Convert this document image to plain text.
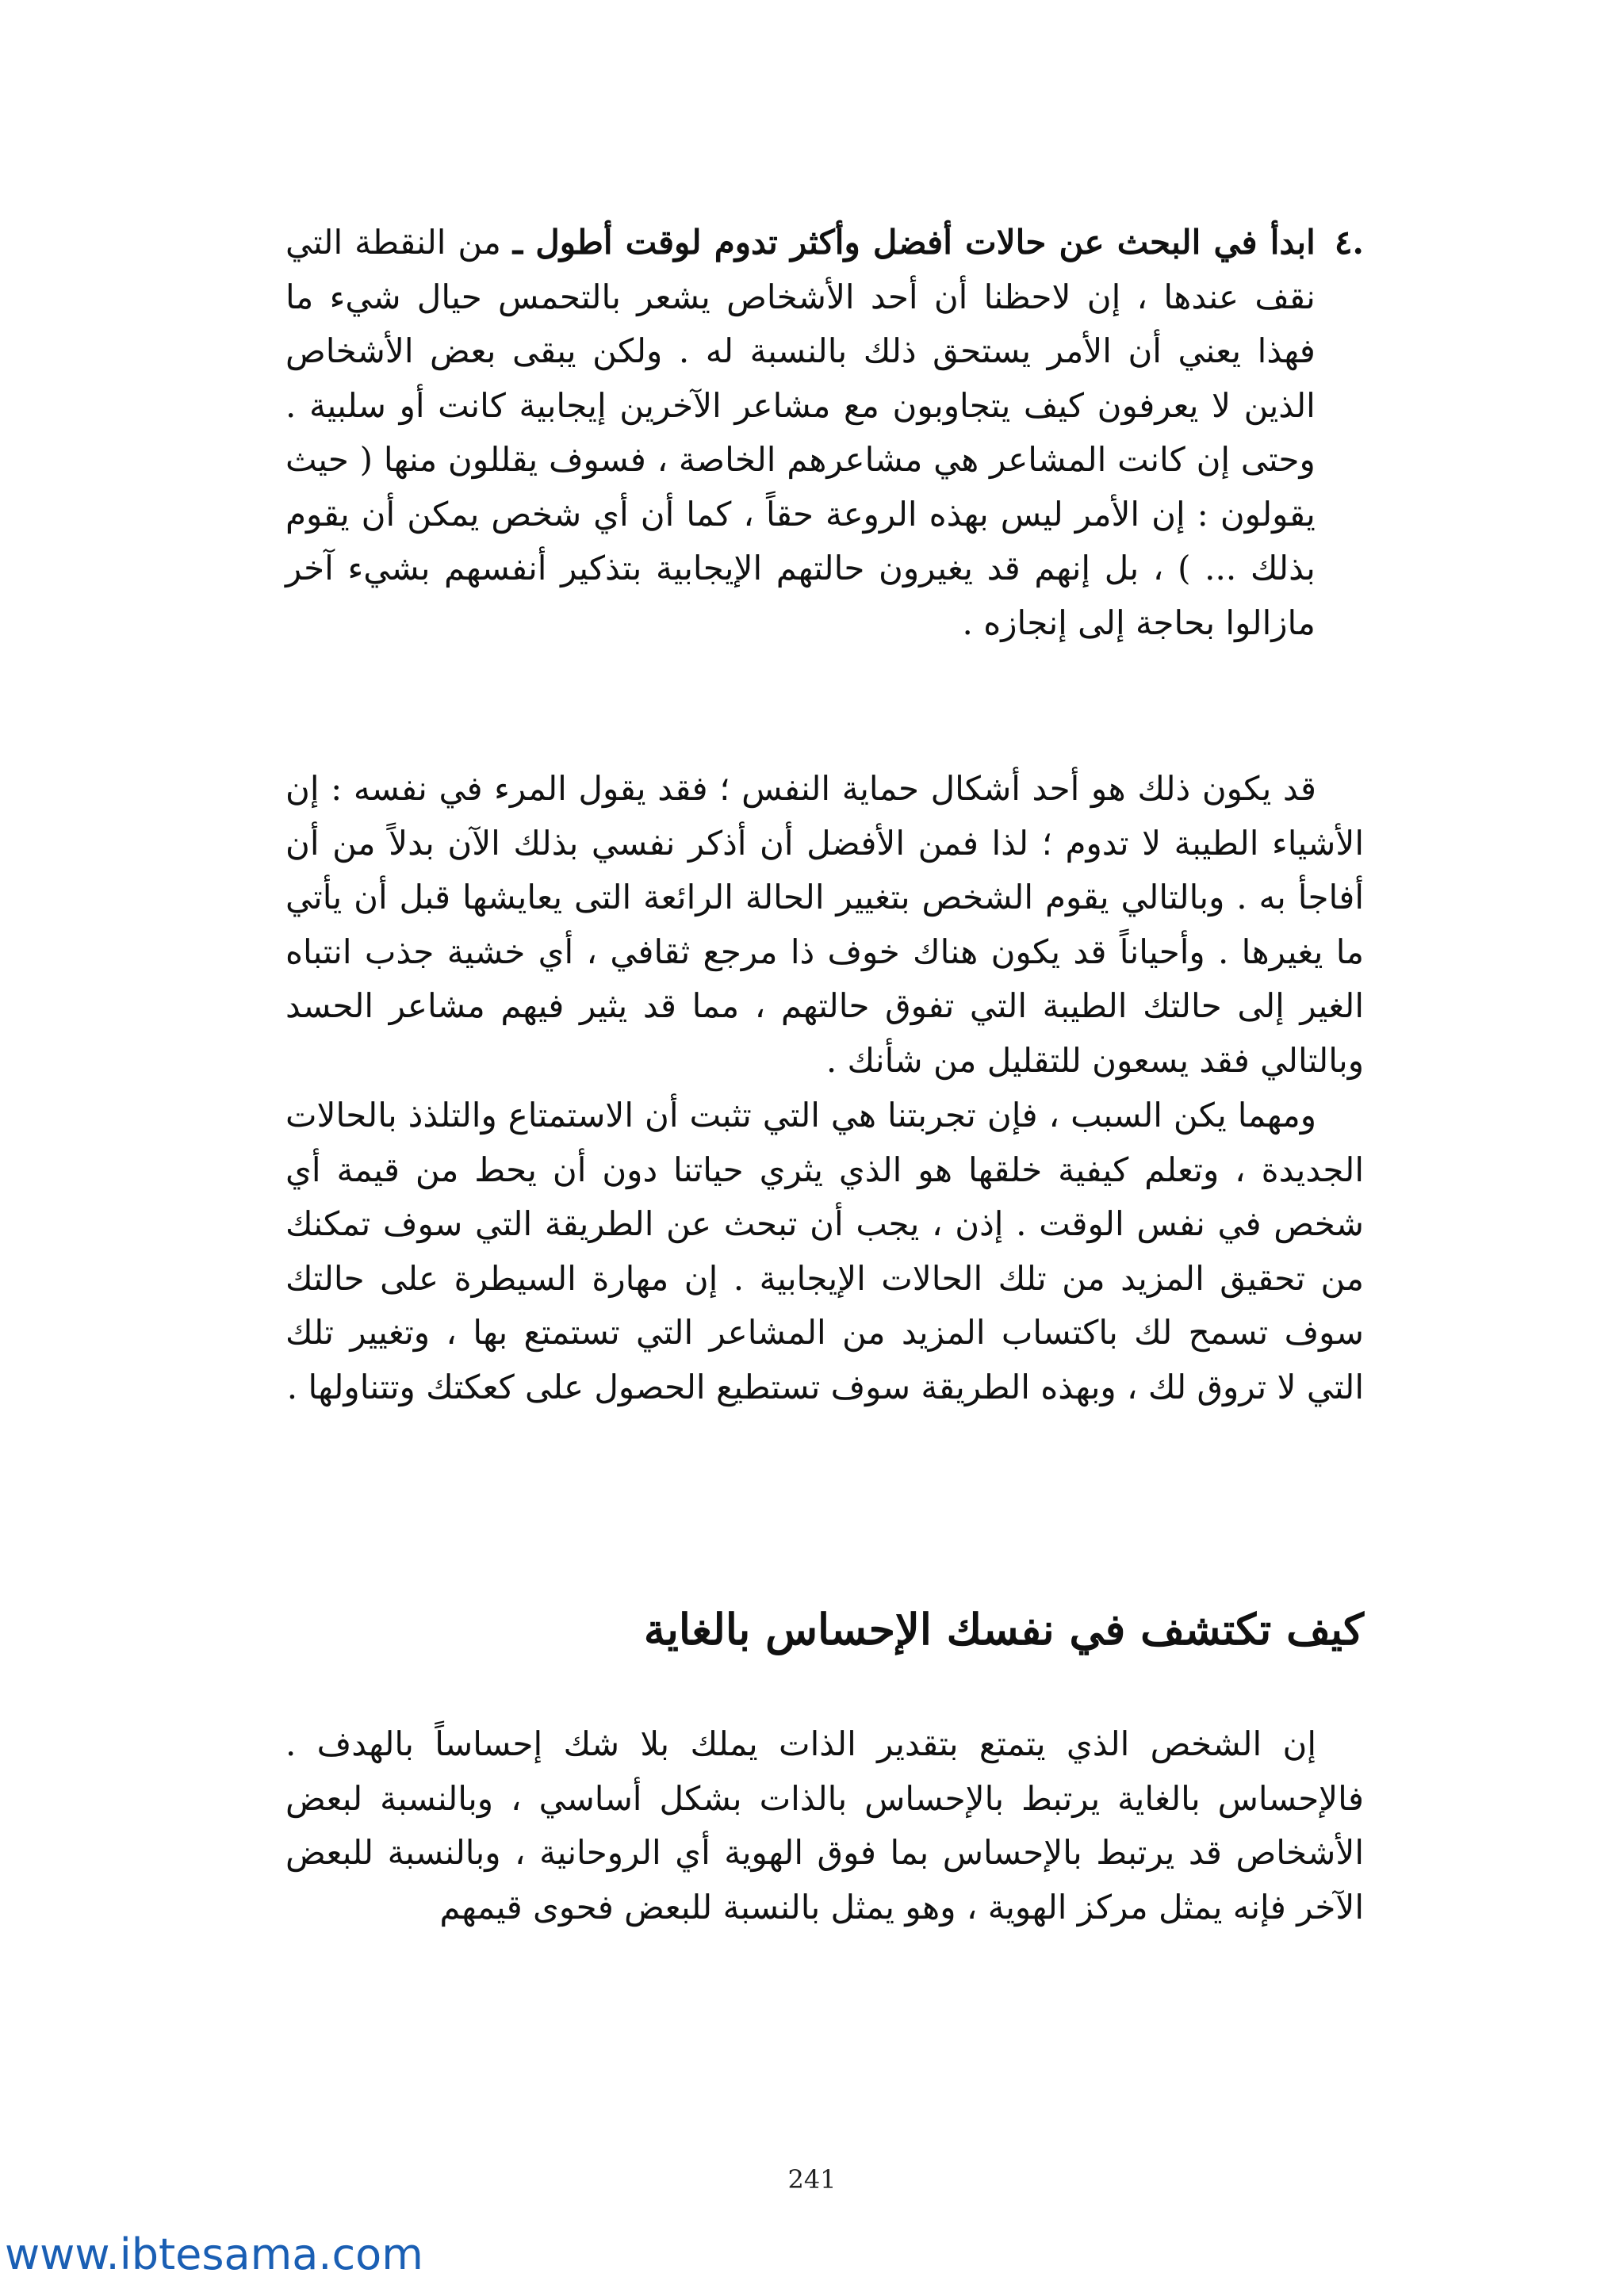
.٤

ابدأ في البحث عن حالات أفضل وأكثر تدوم لوقت أطول ـ من النقطة التي نقف عندها ، إن لاحظنا أن أحد الأشخاص يشعر بالتحمس حيال شيء ما فهذا يعني أن الأمر يستحق ذلك بالنسبة له . ولكن يبقى بعض الأشخاص الذين لا يعرفون كيف يتجاوبون مع مشاعر الآخرين إيجابية كانت أو سلبية . وحتى إن كانت المشاعر هي مشاعرهم الخاصة ، فسوف يقللون منها ( حيث يقولون : إن الأمر ليس بهذه الروعة حقاً ، كما أن أي شخص يمكن أن يقوم بذلك ... ) ، بل إنهم قد يغيرون حالتهم الإيجابية بتذكير أنفسهم بشيء آخر مازالوا بحاجة إلى إنجازه .

قد يكون ذلك هو أحد أشكال حماية النفس ؛ فقد يقول المرء في نفسه : إن الأشياء الطيبة لا تدوم ؛ لذا فمن الأفضل أن أذكر نفسي بذلك الآن بدلاً من أن أفاجأ به . وبالتالي يقوم الشخص بتغيير الحالة الرائعة التى يعايشها قبل أن يأتي ما يغيرها . وأحياناً قد يكون هناك خوف ذا مرجع ثقافي ، أي خشية جذب انتباه الغير إلى حالتك الطيبة التي تفوق حالتهم ، مما قد يثير فيهم مشاعر الحسد وبالتالي فقد يسعون للتقليل من شأنك .

ومهما يكن السبب ، فإن تجربتنا هي التي تثبت أن الاستمتاع والتلذذ بالحالات الجديدة ، وتعلم كيفية خلقها هو الذي يثري حياتنا دون أن يحط من قيمة أي شخص في نفس الوقت . إذن ، يجب أن تبحث عن الطريقة التي سوف تمكنك من تحقيق المزيد من تلك الحالات الإيجابية . إن مهارة السيطرة على حالتك سوف تسمح لك باكتساب المزيد من المشاعر التي تستمتع بها ، وتغيير تلك التي لا تروق لك ، وبهذه الطريقة سوف تستطيع الحصول على كعكتك وتتناولها .

كيف تكتشف في نفسك الإحساس بالغاية

إن الشخص الذي يتمتع بتقدير الذات يملك بلا شك إحساساً بالهدف . فالإحساس بالغاية يرتبط بالإحساس بالذات بشكل أساسي ، وبالنسبة لبعض الأشخاص قد يرتبط بالإحساس بما فوق الهوية أي الروحانية ، وبالنسبة للبعض الآخر فإنه يمثل مركز الهوية ، وهو يمثل بالنسبة للبعض فحوى قيمهم

241
www.ibtesama.com
